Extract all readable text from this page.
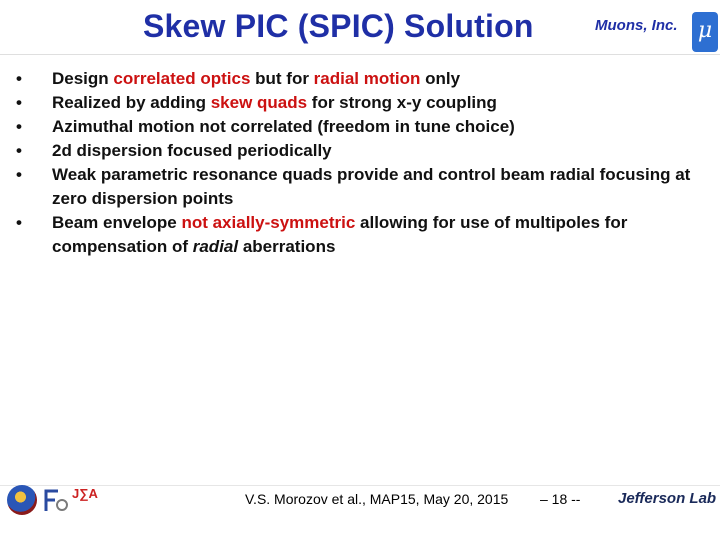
Skew PIC (SPIC) Solution	Muons, Inc. μ
•	Design correlated optics but for radial motion only
•	Realized by adding skew quads for strong x-y coupling
•	Azimuthal motion not correlated (freedom in tune choice)
•	2d dispersion focused periodically
•	Weak parametric resonance quads provide and control beam radial focusing at zero dispersion points
•	Beam envelope not axially-symmetric allowing for use of multipoles for compensation of radial aberrations
J∑A	V.S. Morozov et al., MAP15, May 20, 2015 – 18 --	Jefferson Lab
